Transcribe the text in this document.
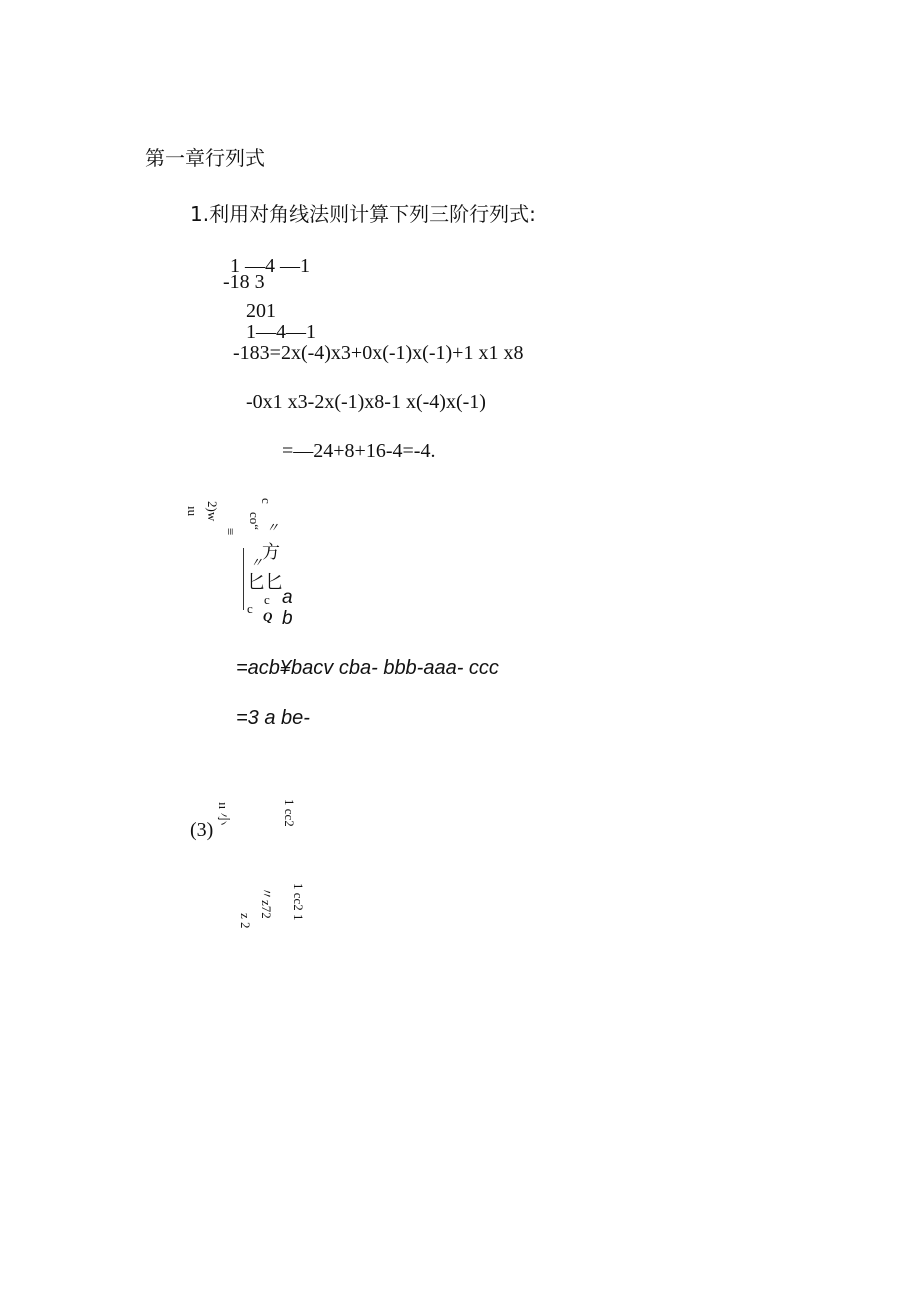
第一章行列式
1.利用对角线法则计算下列三阶行列式:
1 —4 —1
-18 3
201
1—4—1
-183=2x(-4)x3+0x(-1)x(-1)+1 x1 x8
-0x1 x3-2x(-1)x8-1 x(-4)x(-1)
=—24+8+16-4=-4.
2)w
ıu
c
co“
≡ 〃
方
〃
匕匕
c a
c
Q b
=acb¥bacv cba- bbb-aaa- ccc
=3 a be-
(3)
ıı 小	1 cc2
1 cc2 1
〃z72
z 2
